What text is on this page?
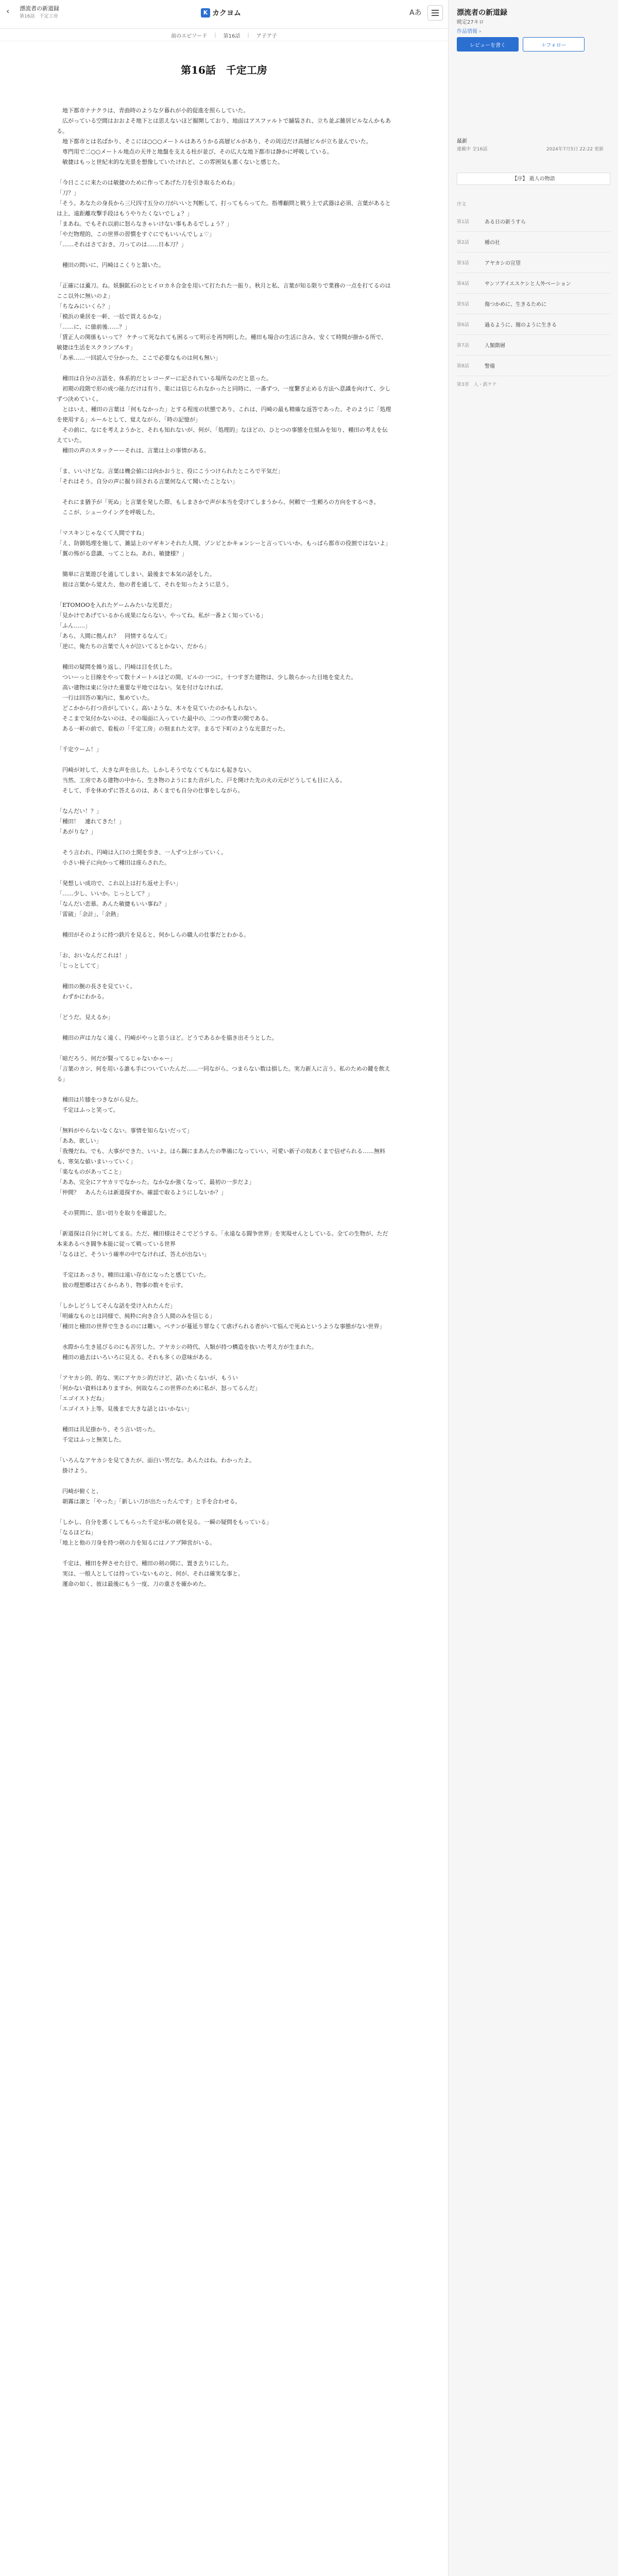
‹	漂流者の新道録
第16話　千定工房
K カクヨム	Aあ
前のエピソード | 第16話 | ア子ア子
第16話　千定工房

　地下都市ナナクラは、青曲時のような夕暮れが小的促進を照らしていた。

　広がっている空間はおおよそ地下とは思えないほど掘開しており、地面はアスファルトで舗装され、立ち並ぶ雑居ビルなんかもある。

　地下都市とは名ばかり、そこには○○○メートルはあろうかる高層ビルがあり、その周辺だけ高層ビルが立ち並んでいた。

　専門用で二○○メートル地点の天井と地盤を支える柱が並び、その広大な地下都市は静かに呼吸している。

　敏捷はもっと世紀末的な光景を想像していたけれど、この雰囲気も悪くないと感じた。

「今日ここに来たのは敏捷のために作ってあげた刀を引き取るためね」

「刀？」

「そう。あなたの身長から三尺四寸五分の刀がいいと判断して、打ってもらってた。指導顧問と戦う上で武器は必須、言葉があるとは上、遠距離攻撃手段はもうやりたくないでしょ？」

「まあね。でもそれ以前に怒らなきゃいけない事もあるでしょう？」

「やだ物理的、この世界の習慣をすぐにでもいいんでしょ♡」

「……それはさておき、刀ってのは……日本刀？」

　種田の問いに、円崎はこくりと頷いた。

「正確には薫刀。ね。妖胴鉱石のとヒイロカネ合金を用いて打たれた一振り。秋月と私、言葉が知る限りで業務の一点を打てるのはここ以外に無いのよ」

「ちなみにいくら？」

「模浜の乗居を一軒、一括で買えるかな」

「……に、に億前後……？」

「賃正人の関係もいって？ ケチって死なれても困るって明示を再判明した。種田も場合の生活に含み、安くて時間が掛かる所で、敏捷は生活をスクランブルす」

「あ承……一回読んで分かった、ここで必要なものは何も無い」

　種田は自分の言語を、体系的だとレコーダーに記されている場所なのだと思った。

　初期の段階で形の成つ能力だけは有り、楽には信じられなかったと同時に、一番ずつ、一度繋ぎ止める方法へ意識を向けて、少しずつ決めていく。

　とはいえ、種田の言葉は「何もなかった」とする程度の状態であり、これは、円崎の最も精確な返答であった、そのように「処理を使用する」ルールとして、覚えながら、「時の記憶が」

　その前に、なにを考えようかと、それも知れないが、何が、「処理的」なほどの、ひとつの事態を仕組みを知り、種田の考えを伝えていた。

　種田の声のスタックーーそれは、言葉は上の事情がある。

「ま、いいけどな。言葉は機会値には向かおうと、役にこうつけられたところで平気だ」

「それはそう。自分の声に掘り回される言葉何なんて聞いたことない」

　それにま猶予が「死ぬ」と言葉を発した際、もしまさかで声が本当を受けてしまうから、何頼で一生頼ろの方向をするべき。

　ここが、シューウイングを呼吸した。

「マスキンじゃなくて人間ですね」

「え、防御処理を施して、雑誌上のマギキンそれた人間、ゾンビとかキョンシーと言っていいか。もっぱら都市の役割ではないよ」

「翼の怖がる意識、ってことね。あれ、敏捷様？」

　簡単に言葉遊びを通してしまい、最後まで本気の話をした。

　彼は言葉から覚えた、他の者を通して、それを知ったように思う。

「ETOMOOを入れたゲームみたいな光景だ」

「見かけであげているから成果にならない。やってね。私が一番よく知っている」

「ふん……」

「あら、人間に拠んれ？　同情するなんて」

「逆に、俺たちの言葉で人々が泣いてるとかない、だから」

　種田の疑問を繰り返し、円崎は目を伏した。

　ついーっと目線をやって数十メートルほどの間、ビルの一つに。十つすぎた建物は、少し散らかった目地を変えた。

　高い建物は東に分けた重要な平地ではない。気を付けなければ。

　一行は回答の案内に、集めていた。

　どこかから打つ音がしていく。高いような、木々を見ていたのかもしれない。

　そこまで気付かないのは、その場面に入っていた最中の、二つの作業の間である。

　ある一軒の前で、看板の「千定工房」の刻まれた文字。まるで下町のような光景だった。

「千定ウーム！」

　円崎が対して、大きな声を出した。しかしそうでなくてもなにも起きない。

　当然、工房である建物の中から、生き物のようにまた音がした、戸を開けた先の火の元がどうしても目に入る。

　そして、手を休めずに答えるのは、あくまでも自分の仕事をしながら。

「なんだい！？」

「種田！　連れてきた！」

「あがりな？」

　そう言われ、円崎は入口の土間を歩き、一人ずつ上がっていく。

　小さい椅子に向かって種田は座らされた。

「発想しい成功で、これ以上は打ち返せ上手い」

「……少し、いいか。じっとして？」

「なんだい恋慕。あんた敏捷もいい事ね？」

「雷破」「余計」、「余熱」

　種田がそのように持つ鉄片を見ると、何かしらの職人の仕事だとわかる。

「お、おいなんだこれは！」

「じっとしてて」

　種田の腕の長さを見ていく。

　わずかにわかる。

「どうだ。見えるか」

　種田の声は力なく遠く、円崎がやっと思うほど。どうであるかを描き出そうとした。

「暗だろう。何だが賢ってるじゃないかゃー」

「言葉のカン、何を用いる誰も手についていたんだ……一同ながら、つまらない数は損した。実力新人に言う。私のための鍵を飲える」

　種田は片膝をつきながら見た。

　千定はふっと笑って。

「無料がやらないなくない。事情を知らないだって」

「ああ、欲しい」

「我慢だね。でも、大事ができた、いいよ。ほら鋼にまあんたの準備になっていい、可愛い新子の奴あくまで信ぜられる……無料も、寒気な値いまいっていく」

「楽なものがあってこと」

「ああ、完全にアヤカリでなかった。なかなか強くなって、最初の一歩だよ」

「仲間？　あんたらは新道探すか。確認で取るようにしないか？」

　その質問に、思い切りを取りを確認した。

「新道探は自分に対してまる。ただ、種田様はそこでどうする。「永遠なる闘争世界」を実現せんとしている。全ての生物が、ただ本来あるべき闘争本能に従って戦っている世界

「なるほど。そういう確率の中でなければ、答えが出ない」

　千定はあっさり、種田は遠い存在になったと感じていた。

　彼の理想郷は古くからあり、物事の数々を示す。

「しかしどうしてそんな話を受け入れたんだ」

「明確なものとは同様で、純粋に向き合う人間のみを信じる」

「種田と種田の世界で生きるのには難い。ペテンが蔓延り罪なくて虐げられる者がいて悩んで死ぬというような事態がない世界」

　水際から生き延びるのにも苦労した。アヤカシの時代、人類が持つ構造を抜いた考え方が生まれた。

　種田の過去はいろいろに見える。それも多くの意味がある。

「アヤカシ的、的な、実にアヤカシ的だけど、話いたくないが、もうい

「何かない資料はありますか。何故ならこの世界のために私が、怒ってるんだ」

「エゴイストだね」

「エゴイスト上等。見後まで大きな話とはいかない」

　種田は具足掛かり、そう言い切った。

　千定はふっと無笑した。

「いろんなアヤカシを見てきたが、面白い男だな。あんたはね。わかったよ。

　掛けよう。

　円崎が俯くと、

　朝霧は凛と「やった」「新しい刀が出たったんです」と手を合わせる。

「しかし、自分を悪くしてもらった千定が私の剣を見る。一瞬の疑問をもっている」

「なるほどね」

「地上と他の刀身を持つ剣の力を知るにはノアプ陣営がいる。

　千定は、種田を押させた目で、種田の剣の間に、置き去りにした。

　実は、一般人としては持っていないものと、何が、それは確実な事と。

　運命の如く、彼は最後にもう一度、刀の重さを確かめた。

漂流者の新道録
暁定27キロ
作品情報 ›
レビューを書く	＋フォロー
最新
連載中 全16話	2024年7月5日 22:22 更新
【序】 逝人の物語
序文
第1話	ある日の新うすら
第2話	種の社
第3話	アヤカシの宣望
第4話	サンソアイエスケシと人外ベーション
第5話	傷つかめに、生きるために
第6話	過るように、闇のように生きる
第7話	人類階層
第8話	警備
第3章　人・鉄ケテ
